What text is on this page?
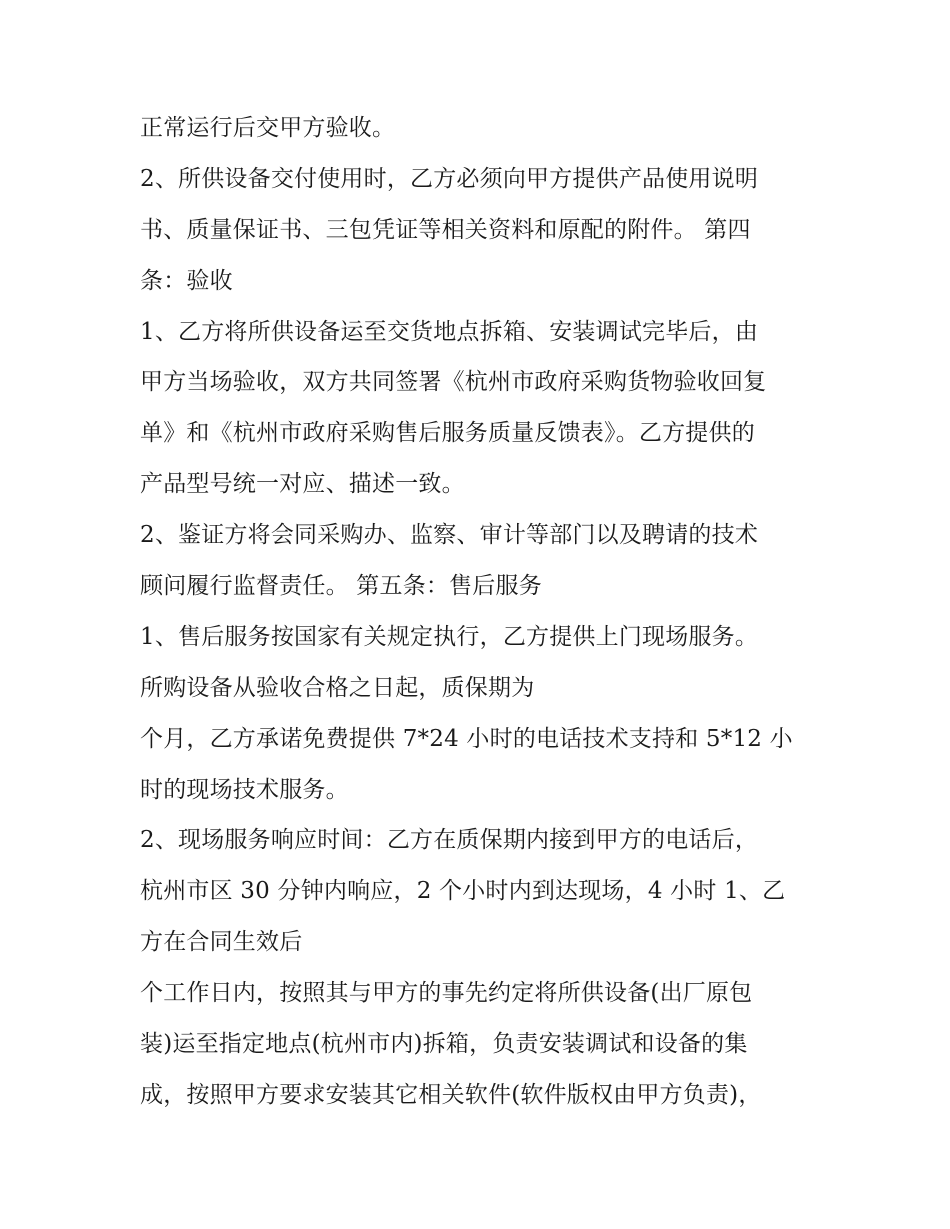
正常运行后交甲方验收。
2、所供设备交付使用时，乙方必须向甲方提供产品使用说明
书、质量保证书、三包凭证等相关资料和原配的附件。 第四
条：验收
1、乙方将所供设备运至交货地点拆箱、安装调试完毕后，由
甲方当场验收，双方共同签署《杭州市政府采购货物验收回复
单》和《杭州市政府采购售后服务质量反馈表》。乙方提供的
产品型号统一对应、描述一致。
2、鉴证方将会同采购办、监察、审计等部门以及聘请的技术
顾问履行监督责任。 第五条：售后服务
1、售后服务按国家有关规定执行，乙方提供上门现场服务。
所购设备从验收合格之日起，质保期为
个月，乙方承诺免费提供 7*24 小时的电话技术支持和 5*12 小
时的现场技术服务。
2、现场服务响应时间：乙方在质保期内接到甲方的电话后，
杭州市区 30 分钟内响应，2 个小时内到达现场，4 小时 1、乙
方在合同生效后
个工作日内，按照其与甲方的事先约定将所供设备(出厂原包
装)运至指定地点(杭州市内)拆箱，负责安装调试和设备的集
成，按照甲方要求安装其它相关软件(软件版权由甲方负责)，
